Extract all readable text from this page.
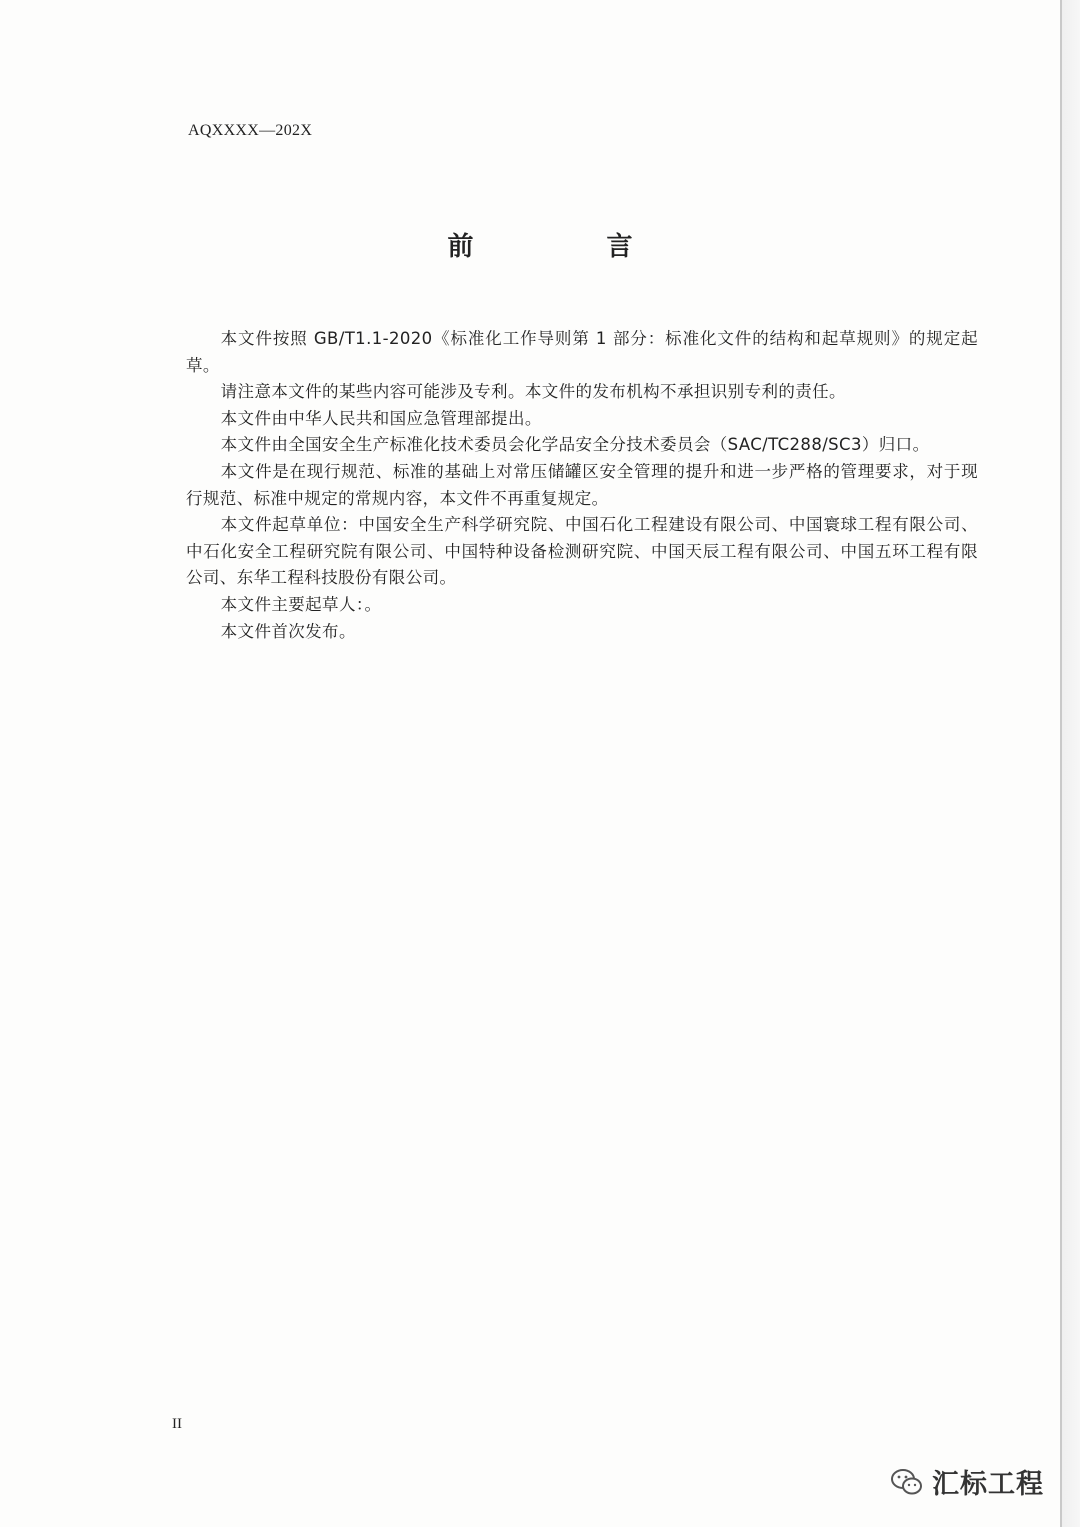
AQXXXX—202X
前 言

本文件按照 GB/T1.1-2020《标准化工作导则第 1 部分：标准化文件的结构和起草规则》的规定起草。

请注意本文件的某些内容可能涉及专利。本文件的发布机构不承担识别专利的责任。

本文件由中华人民共和国应急管理部提出。

本文件由全国安全生产标准化技术委员会化学品安全分技术委员会（SAC/TC288/SC3）归口。

本文件是在现行规范、标准的基础上对常压储罐区安全管理的提升和进一步严格的管理要求，对于现行规范、标准中规定的常规内容，本文件不再重复规定。

本文件起草单位：中国安全生产科学研究院、中国石化工程建设有限公司、中国寰球工程有限公司、中石化安全工程研究院有限公司、中国特种设备检测研究院、中国天辰工程有限公司、中国五环工程有限公司、东华工程科技股份有限公司。

本文件主要起草人：。

本文件首次发布。

II
汇标工程
